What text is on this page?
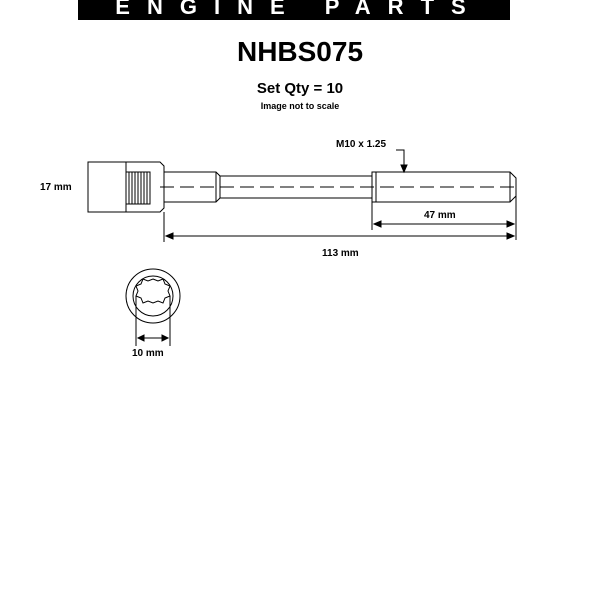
ENGINE PARTS
NHBS075
Set Qty = 10
Image not to scale
17 mm
M10 x 1.25
47 mm
113 mm
10 mm
